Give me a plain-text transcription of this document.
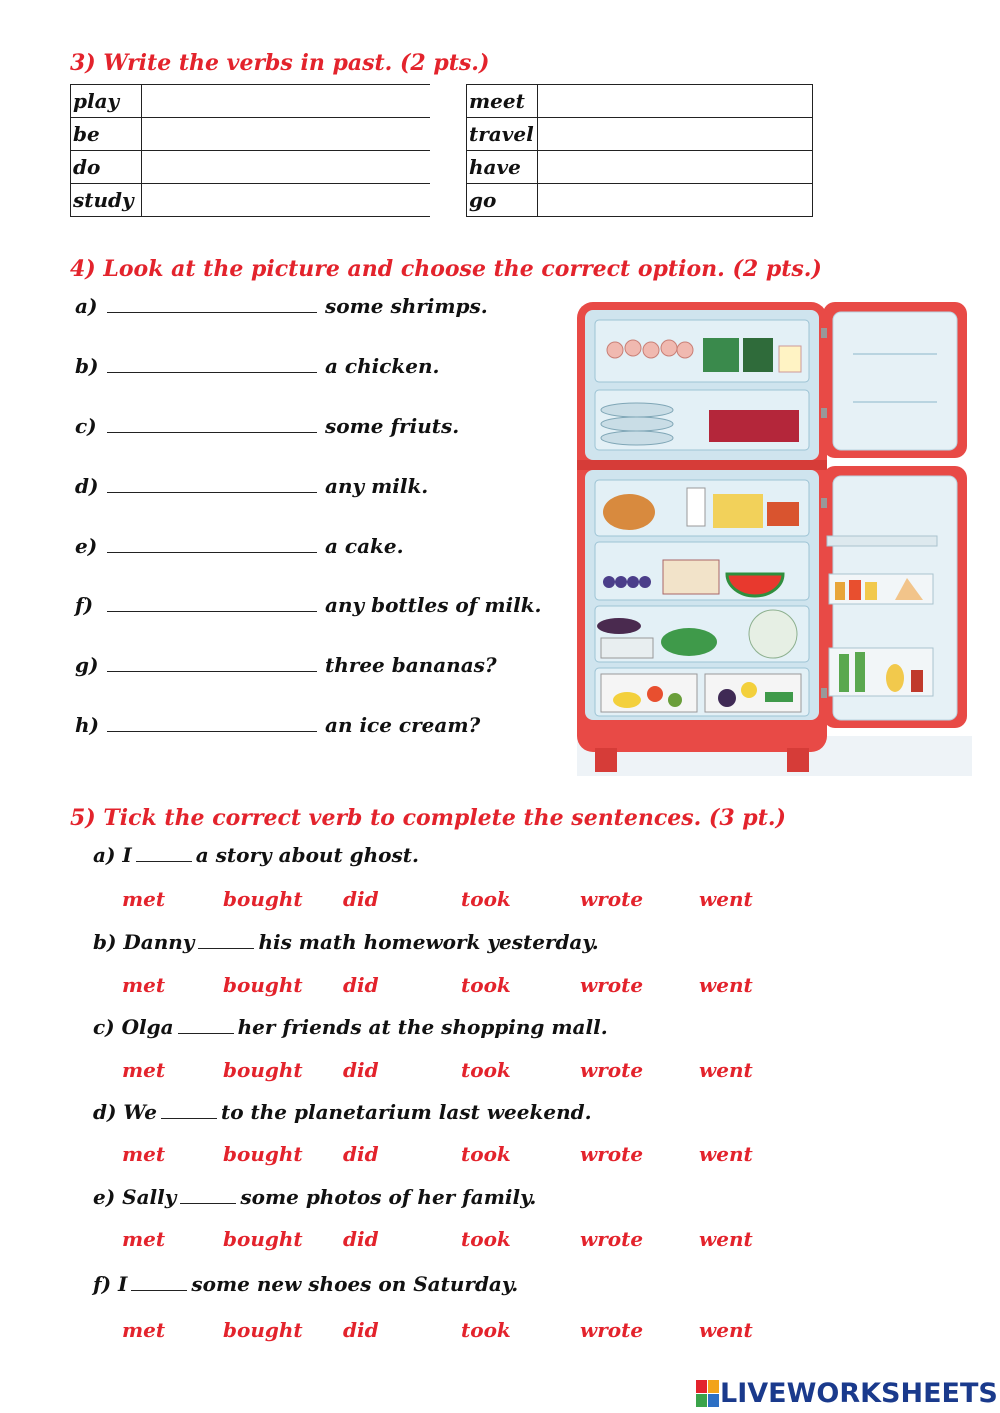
3) Write the verbs in past. (2 pts.)
play	
be	
do	
study	
meet	
travel	
have	
go	
4) Look at the picture and choose the correct option. (2 pts.)
a)	some shrimps.
b)	a chicken.
c)	some friuts.
d)	any milk.
e)	a cake.
f)	any bottles of milk.
g)	three bananas?
h)	an ice cream?
5) Tick the correct verb to complete the sentences. (3 pt.)
a) I	a story about ghost.
met	bought did	took	wrote	went
b) Danny	his math homework yesterday.
met	bought did	took	wrote	went
c) Olga	her friends at the shopping mall.
met	bought did	took	wrote	went
d) We	to the planetarium last weekend.
met	bought did	took	wrote	went
e) Sally	some photos of her family.
met	bought did	took	wrote	went
f) I	some new shoes on Saturday.
met	bought did	took	wrote	went
LIVEWORKSHEETS
